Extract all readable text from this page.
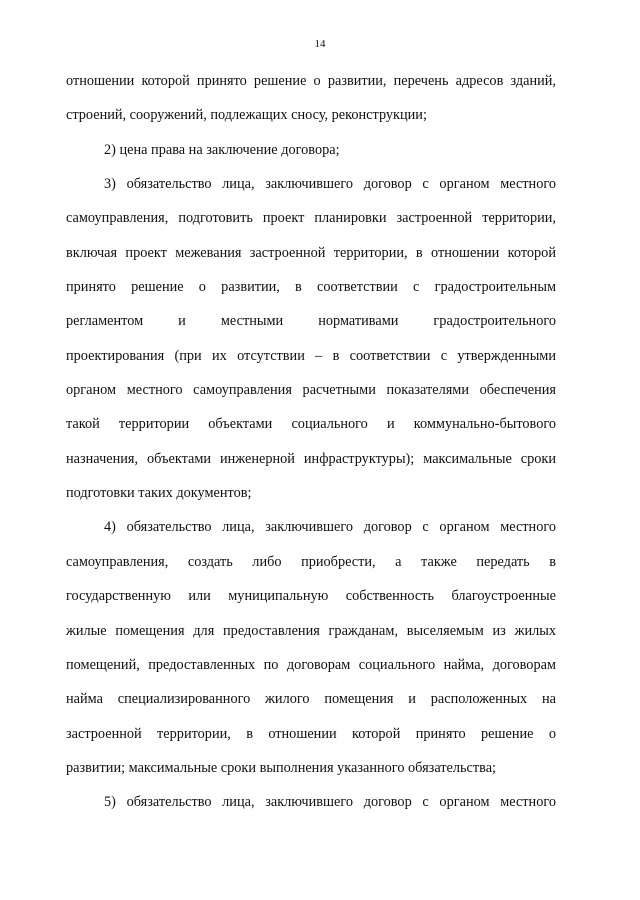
14
отношении которой принято решение о развитии, перечень адресов зданий,
строений, сооружений, подлежащих сносу, реконструкции;
2) цена права на заключение договора;
3) обязательство лица, заключившего договор с органом местного
самоуправления, подготовить проект планировки застроенной территории,
включая проект межевания застроенной территории, в отношении которой
принято решение о развитии, в соответствии с градостроительным
регламентом и местными нормативами градостроительного
проектирования (при их отсутствии – в соответствии с утвержденными
органом местного самоуправления расчетными показателями обеспечения
такой территории объектами социального и коммунально-бытового
назначения, объектами инженерной инфраструктуры); максимальные сроки
подготовки таких документов;
4) обязательство лица, заключившего договор с органом местного
самоуправления, создать либо приобрести, а также передать в
государственную или муниципальную собственность благоустроенные
жилые помещения для предоставления гражданам, выселяемым из жилых
помещений, предоставленных по договорам социального найма, договорам
найма специализированного жилого помещения и расположенных на
застроенной территории, в отношении которой принято решение о
развитии; максимальные сроки выполнения указанного обязательства;
5) обязательство лица, заключившего договор с органом местного
